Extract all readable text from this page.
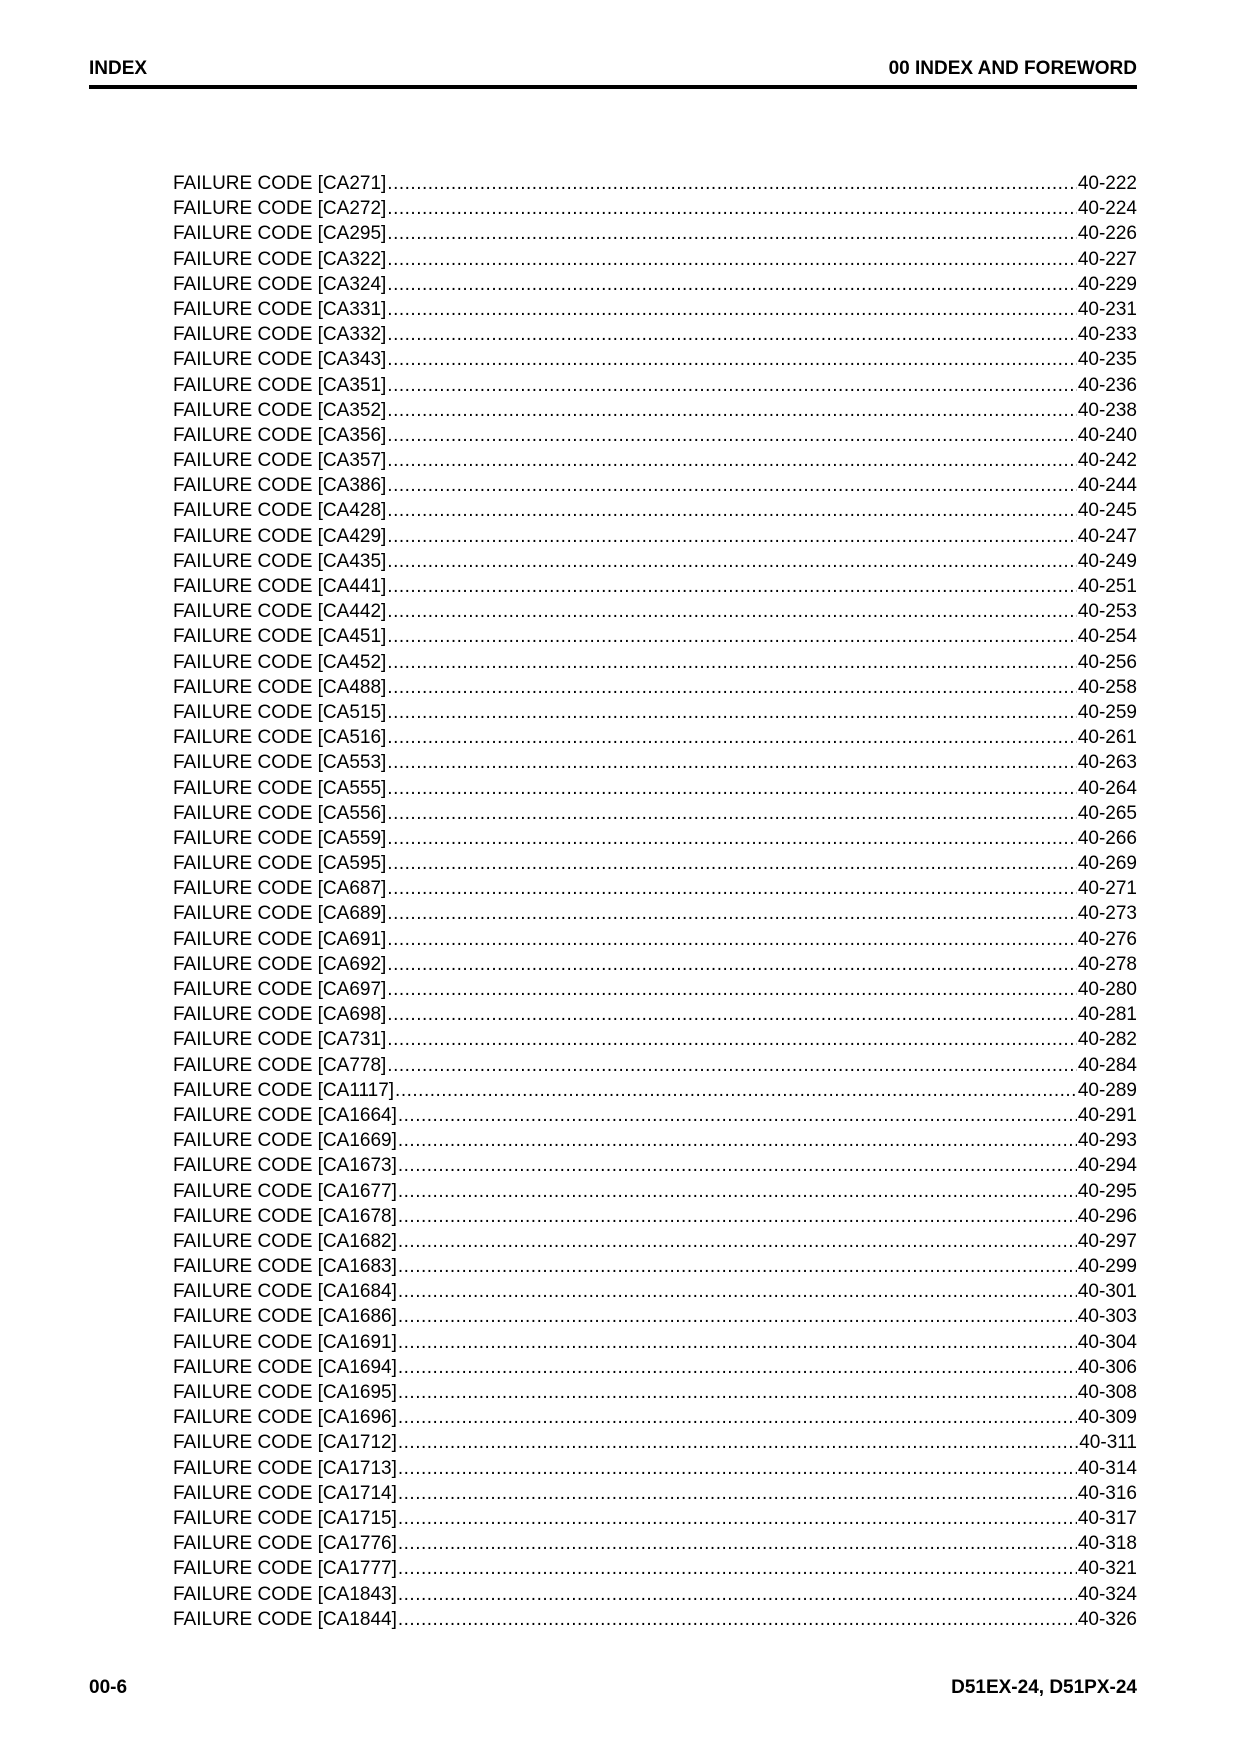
INDEX	00 INDEX AND FOREWORD
FAILURE CODE [CA271] .....	40-222
FAILURE CODE [CA272] .....	40-224
FAILURE CODE [CA295] .....	40-226
FAILURE CODE [CA322] .....	40-227
FAILURE CODE [CA324] .....	40-229
FAILURE CODE [CA331] .....	40-231
FAILURE CODE [CA332] .....	40-233
FAILURE CODE [CA343] .....	40-235
FAILURE CODE [CA351] .....	40-236
FAILURE CODE [CA352] .....	40-238
FAILURE CODE [CA356] .....	40-240
FAILURE CODE [CA357] .....	40-242
FAILURE CODE [CA386] .....	40-244
FAILURE CODE [CA428] .....	40-245
FAILURE CODE [CA429] .....	40-247
FAILURE CODE [CA435] .....	40-249
FAILURE CODE [CA441] .....	40-251
FAILURE CODE [CA442] .....	40-253
FAILURE CODE [CA451] .....	40-254
FAILURE CODE [CA452] .....	40-256
FAILURE CODE [CA488] .....	40-258
FAILURE CODE [CA515] .....	40-259
FAILURE CODE [CA516] .....	40-261
FAILURE CODE [CA553] .....	40-263
FAILURE CODE [CA555] .....	40-264
FAILURE CODE [CA556] .....	40-265
FAILURE CODE [CA559] .....	40-266
FAILURE CODE [CA595] .....	40-269
FAILURE CODE [CA687] .....	40-271
FAILURE CODE [CA689] .....	40-273
FAILURE CODE [CA691] .....	40-276
FAILURE CODE [CA692] .....	40-278
FAILURE CODE [CA697] .....	40-280
FAILURE CODE [CA698] .....	40-281
FAILURE CODE [CA731] .....	40-282
FAILURE CODE [CA778] .....	40-284
FAILURE CODE [CA1117] .....	40-289
FAILURE CODE [CA1664] .....	40-291
FAILURE CODE [CA1669] .....	40-293
FAILURE CODE [CA1673] .....	40-294
FAILURE CODE [CA1677] .....	40-295
FAILURE CODE [CA1678] .....	40-296
FAILURE CODE [CA1682] .....	40-297
FAILURE CODE [CA1683] .....	40-299
FAILURE CODE [CA1684] .....	40-301
FAILURE CODE [CA1686] .....	40-303
FAILURE CODE [CA1691] .....	40-304
FAILURE CODE [CA1694] .....	40-306
FAILURE CODE [CA1695] .....	40-308
FAILURE CODE [CA1696] .....	40-309
FAILURE CODE [CA1712] .....	40-311
FAILURE CODE [CA1713] .....	40-314
FAILURE CODE [CA1714] .....	40-316
FAILURE CODE [CA1715] .....	40-317
FAILURE CODE [CA1776] .....	40-318
FAILURE CODE [CA1777] .....	40-321
FAILURE CODE [CA1843] .....	40-324
FAILURE CODE [CA1844] .....	40-326
00-6	D51EX-24, D51PX-24
